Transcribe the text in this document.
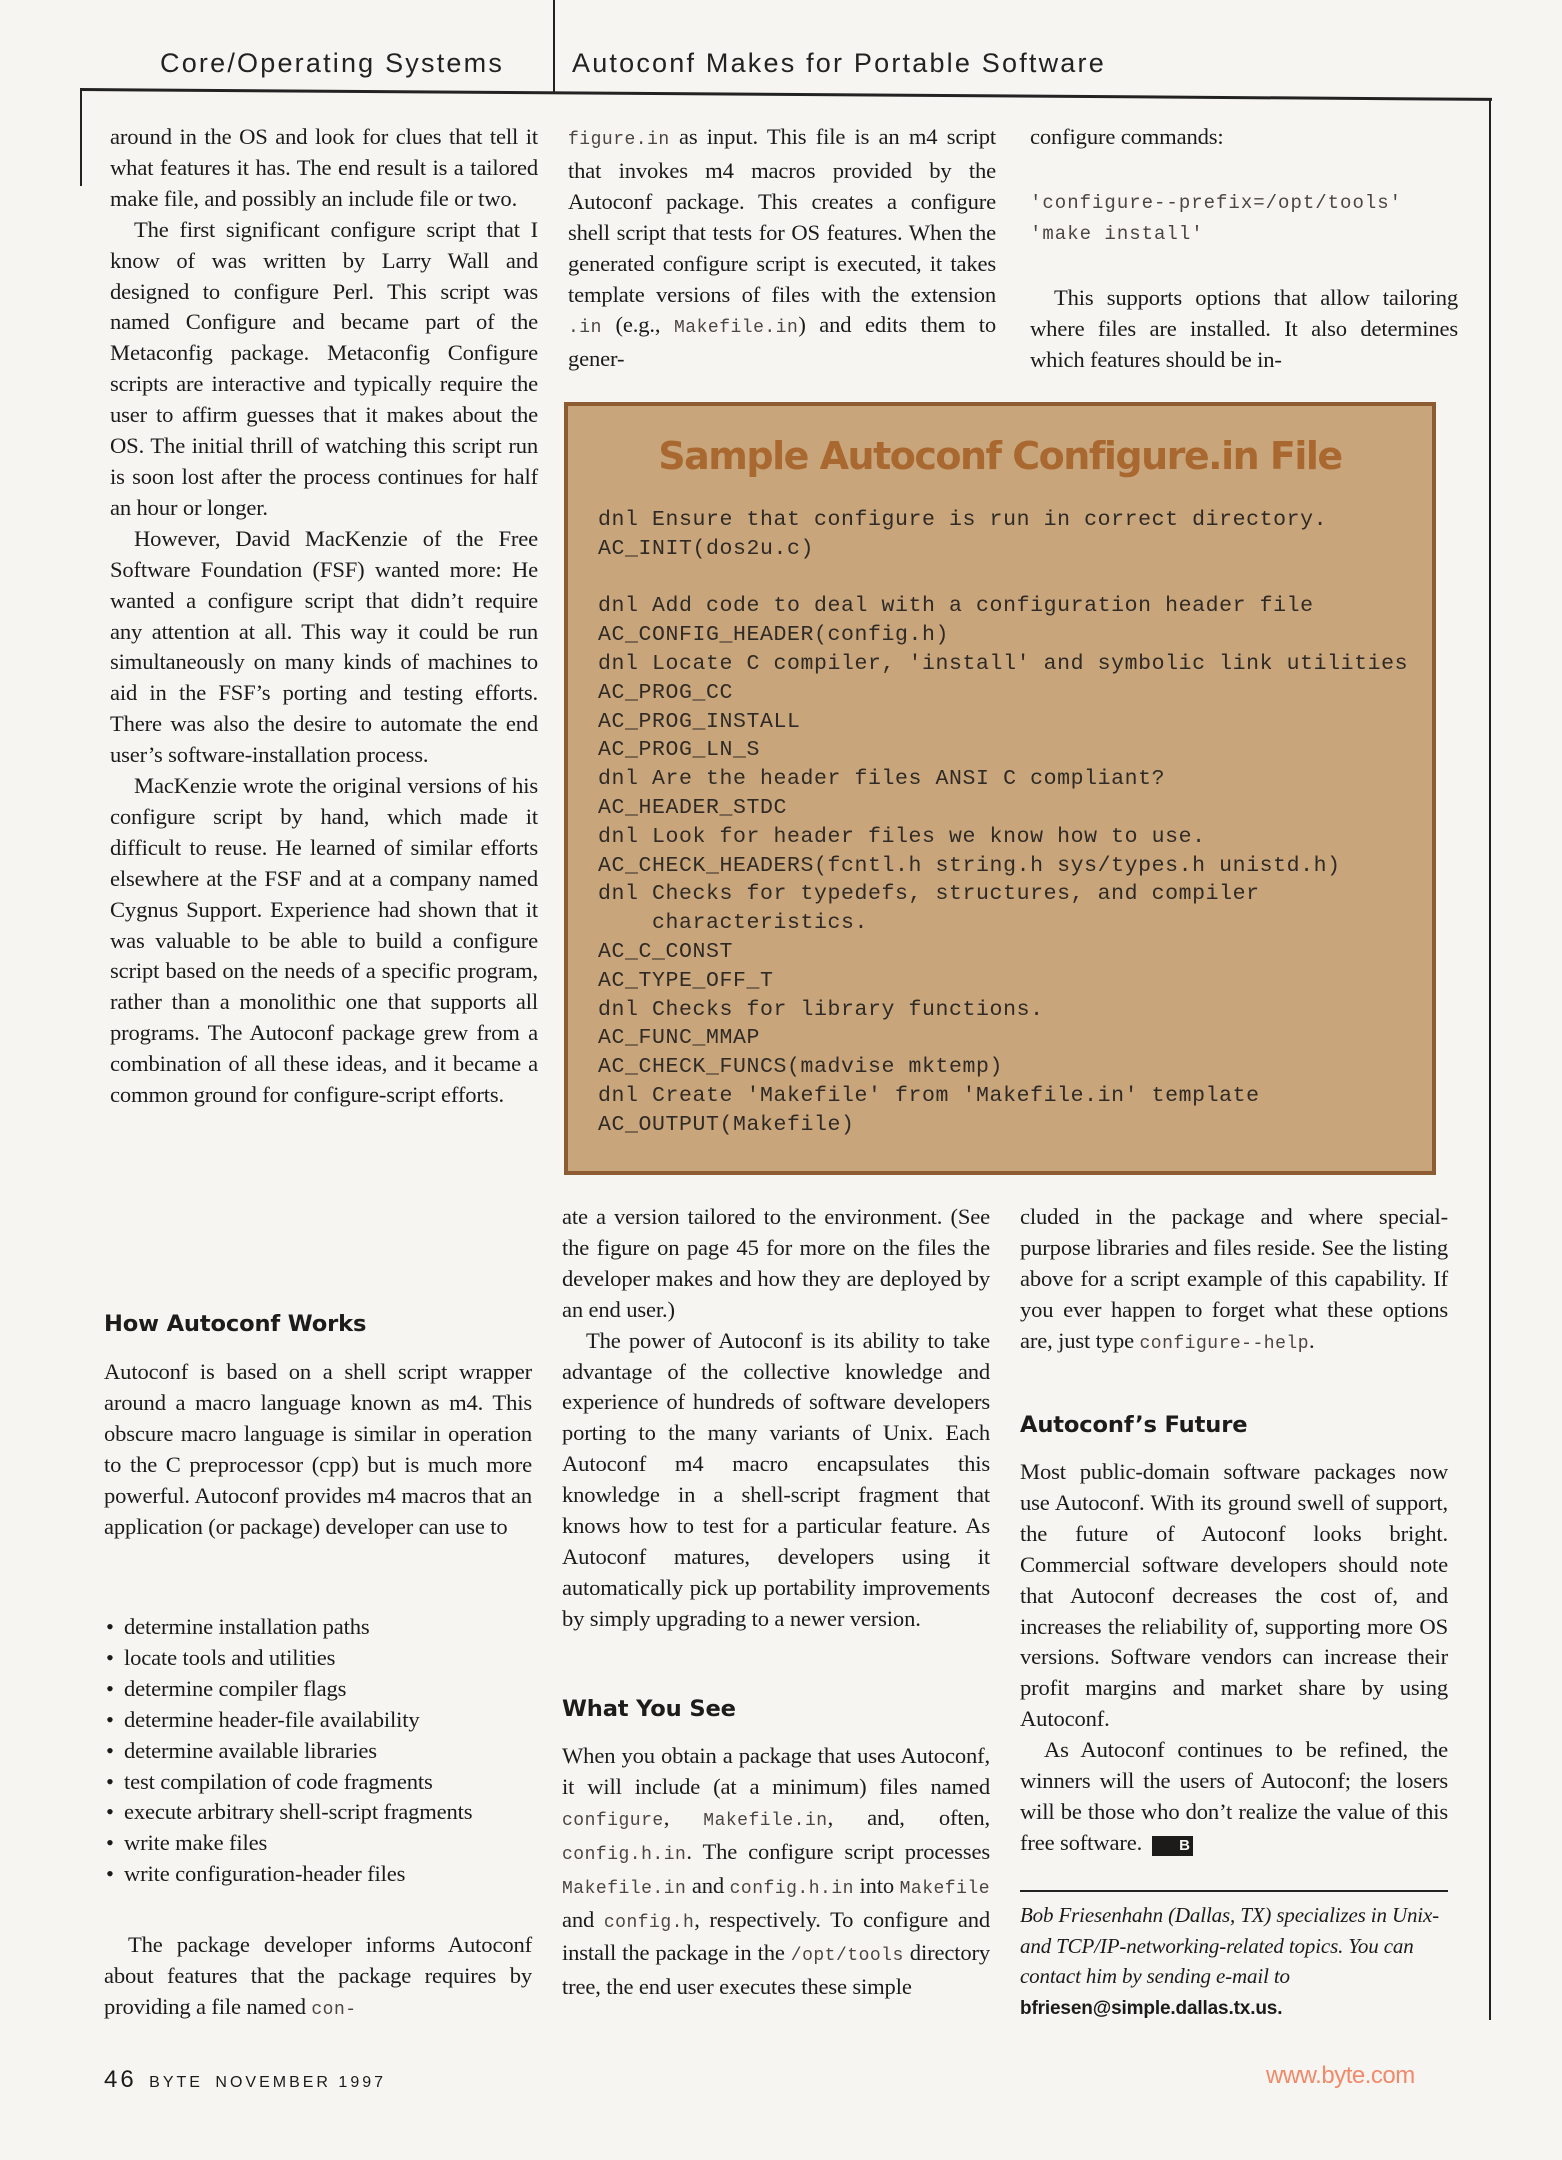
Core/Operating Systems	Autoconf Makes for Portable Software

around in the OS and look for clues that tell it what features it has. The end result is a tailored make file, and possibly an include file or two.

The first significant configure script that I know of was written by Larry Wall and designed to configure Perl. This script was named Configure and became part of the Metaconfig package. Metaconfig Configure scripts are interactive and typically require the user to affirm guesses that it makes about the OS. The initial thrill of watching this script run is soon lost after the process continues for half an hour or longer.

However, David MacKenzie of the Free Software Foundation (FSF) wanted more: He wanted a configure script that didn’t require any attention at all. This way it could be run simultaneously on many kinds of machines to aid in the FSF’s porting and testing efforts. There was also the desire to automate the end user’s software-installation process.

MacKenzie wrote the original versions of his configure script by hand, which made it difficult to reuse. He learned of similar efforts elsewhere at the FSF and at a company named Cygnus Support. Experience had shown that it was valuable to be able to build a configure script based on the needs of a specific program, rather than a monolithic one that supports all programs. The Autoconf package grew from a combination of all these ideas, and it became a common ground for configure-script efforts.

How Autoconf Works

Autoconf is based on a shell script wrapper around a macro language known as m4. This obscure macro language is similar in operation to the C preprocessor (cpp) but is much more powerful. Autoconf provides m4 macros that an application (or package) developer can use to

• determine installation paths
• locate tools and utilities
• determine compiler flags
• determine header-file availability
• determine available libraries
• test compilation of code fragments
• execute arbitrary shell-script fragments
• write make files
• write configuration-header files

The package developer informs Autoconf about features that the package requires by providing a file named con-

figure.in as input. This file is an m4 script that invokes m4 macros provided by the Autoconf package. This creates a configure shell script that tests for OS features. When the generated configure script is executed, it takes template versions of files with the extension .in (e.g., Makefile.in) and edits them to gener-

ate a version tailored to the environment. (See the figure on page 45 for more on the files the developer makes and how they are deployed by an end user.)

The power of Autoconf is its ability to take advantage of the collective knowledge and experience of hundreds of software developers porting to the many variants of Unix. Each Autoconf m4 macro encapsulates this knowledge in a shell-script fragment that knows how to test for a particular feature. As Autoconf matures, developers using it automatically pick up portability improvements by simply upgrading to a newer version.

What You See

When you obtain a package that uses Autoconf, it will include (at a minimum) files named configure, Makefile.in, and, often, config.h.in. The configure script processes Makefile.in and config.h.in into Makefile and config.h, respectively. To configure and install the package in the /opt/tools directory tree, the end user executes these simple

configure commands:

'configure--prefix=/opt/tools'
'make install'

This supports options that allow tailoring where files are installed. It also determines which features should be in-

cluded in the package and where special-purpose libraries and files reside. See the listing above for a script example of this capability. If you ever happen to forget what these options are, just type configure--help.

Autoconf’s Future

Most public-domain software packages now use Autoconf. With its ground swell of support, the future of Autoconf looks bright. Commercial software developers should note that Autoconf decreases the cost of, and increases the reliability of, supporting more OS versions. Software vendors can increase their profit margins and market share by using Autoconf.

As Autoconf continues to be refined, the winners will the users of Autoconf; the losers will be those who don’t realize the value of this free software. B

Bob Friesenhahn (Dallas, TX) specializes in Unix- and TCP/IP-networking-related topics. You can contact him by sending e-mail to bfriesen@simple.dallas.tx.us.
Sample Autoconf Configure.in File
dnl Ensure that configure is run in correct directory.
AC_INIT(dos2u.c)

dnl Add code to deal with a configuration header file
AC_CONFIG_HEADER(config.h)
dnl Locate C compiler, 'install' and symbolic link utilities
AC_PROG_CC
AC_PROG_INSTALL
AC_PROG_LN_S
dnl Are the header files ANSI C compliant?
AC_HEADER_STDC
dnl Look for header files we know how to use.
AC_CHECK_HEADERS(fcntl.h string.h sys/types.h unistd.h)
dnl Checks for typedefs, structures, and compiler
characteristics.
AC_C_CONST
AC_TYPE_OFF_T
dnl Checks for library functions.
AC_FUNC_MMAP
AC_CHECK_FUNCS(madvise mktemp)
dnl Create 'Makefile' from 'Makefile.in' template
AC_OUTPUT(Makefile)
46 BYTE NOVEMBER 1997	www.byte.com
